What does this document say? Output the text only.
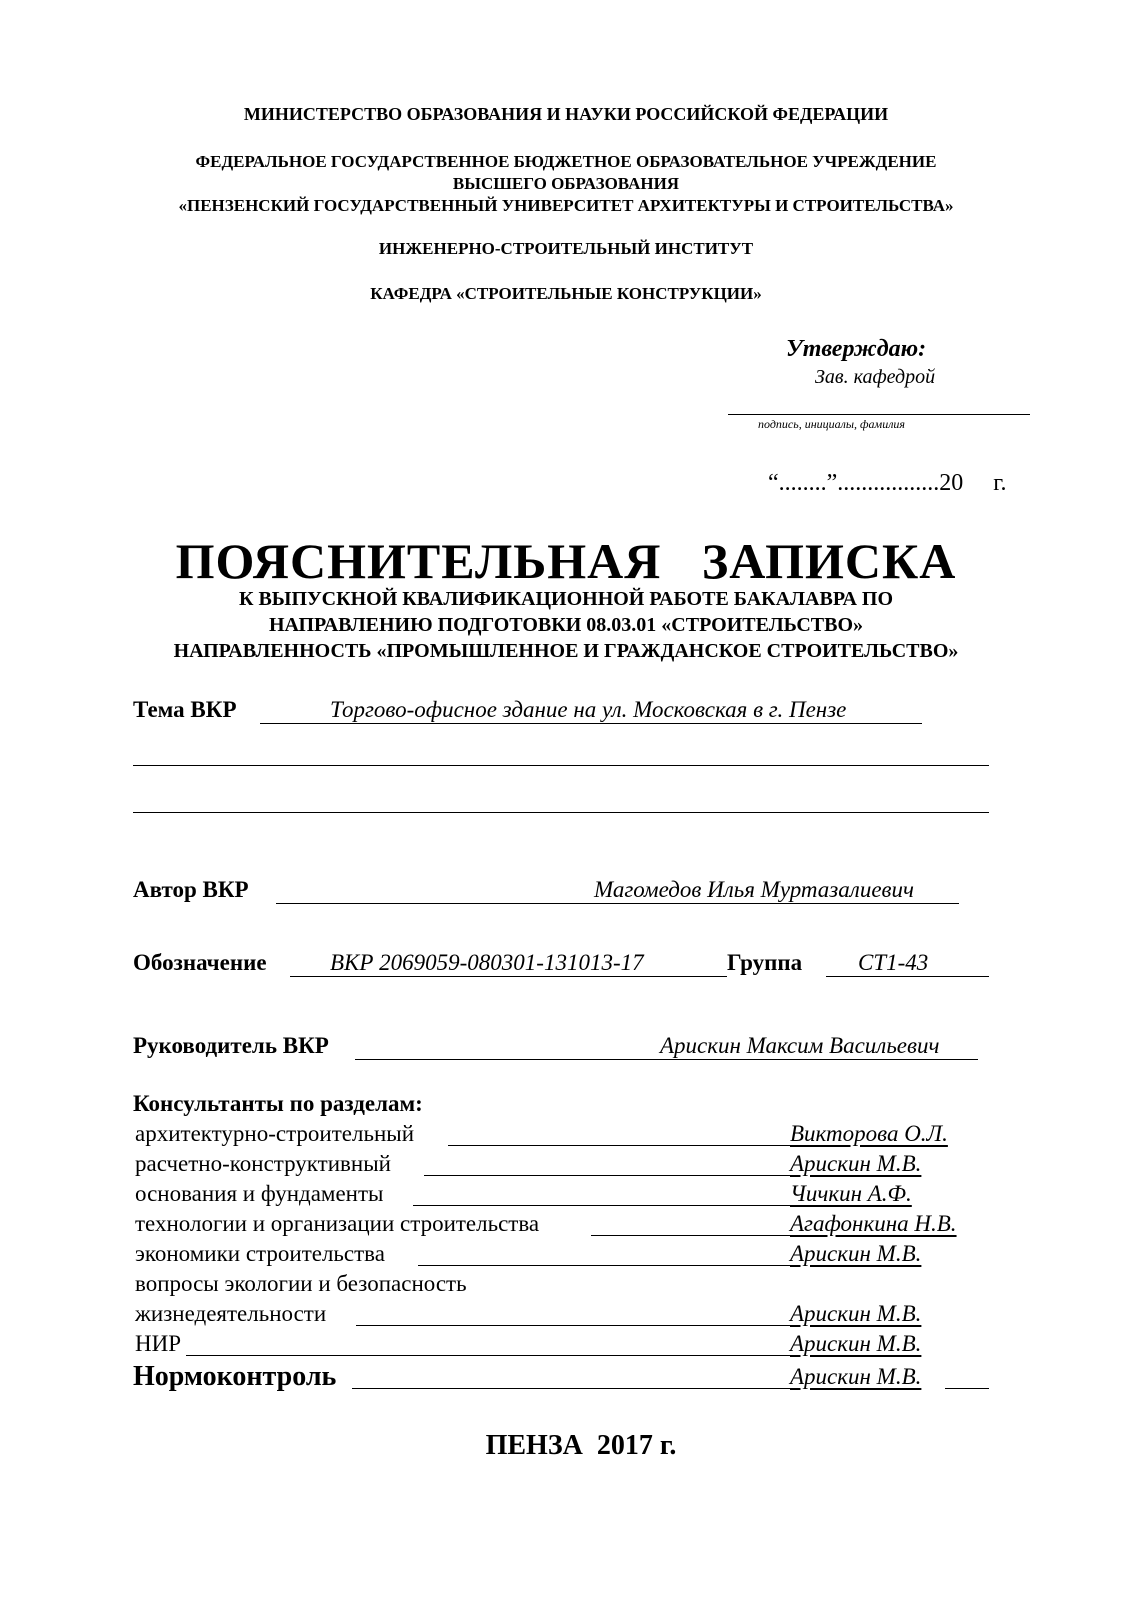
МИНИСТЕРСТВО ОБРАЗОВАНИЯ И НАУКИ РОССИЙСКОЙ ФЕДЕРАЦИИ
ФЕДЕРАЛЬНОЕ ГОСУДАРСТВЕННОЕ БЮДЖЕТНОЕ ОБРАЗОВАТЕЛЬНОЕ УЧРЕЖДЕНИЕ
ВЫСШЕГО ОБРАЗОВАНИЯ
«ПЕНЗЕНСКИЙ ГОСУДАРСТВЕННЫЙ УНИВЕРСИТЕТ АРХИТЕКТУРЫ И СТРОИТЕЛЬСТВА»
ИНЖЕНЕРНО-СТРОИТЕЛЬНЫЙ ИНСТИТУТ
КАФЕДРА «СТРОИТЕЛЬНЫЕ КОНСТРУКЦИИ»
Утверждаю:
Зав. кафедрой
подпись, инициалы, фамилия
“........”.................20     г.
ПОЯСНИТЕЛЬНАЯ   ЗАПИСКА
К ВЫПУСКНОЙ КВАЛИФИКАЦИОННОЙ РАБОТЕ БАКАЛАВРА ПО
НАПРАВЛЕНИЮ ПОДГОТОВКИ 08.03.01 «СТРОИТЕЛЬСТВО»
НАПРАВЛЕННОСТЬ «ПРОМЫШЛЕННОЕ И ГРАЖДАНСКОЕ СТРОИТЕЛЬСТВО»
Тема ВКР	Торгово-офисное здание на ул. Московская в г. Пензе
Автор ВКР	Магомедов Илья Муртазалиевич
Обозначение	ВКР 2069059-080301-131013-17	Группа СТ1-43
Руководитель ВКР	Арискин Максим Васильевич
Консультанты по разделам:
архитектурно-строительный	Викторова О.Л.
расчетно-конструктивный	Арискин М.В.
основания и фундаменты	Чичкин А.Ф.
технологии и организации строительства	Агафонкина Н.В.
экономики строительства	Арискин М.В.
вопросы экологии и безопасность
жизнедеятельности	Арискин М.В.
НИР	Арискин М.В.
Нормоконтроль	Арискин М.В.
ПЕНЗА  2017 г.
